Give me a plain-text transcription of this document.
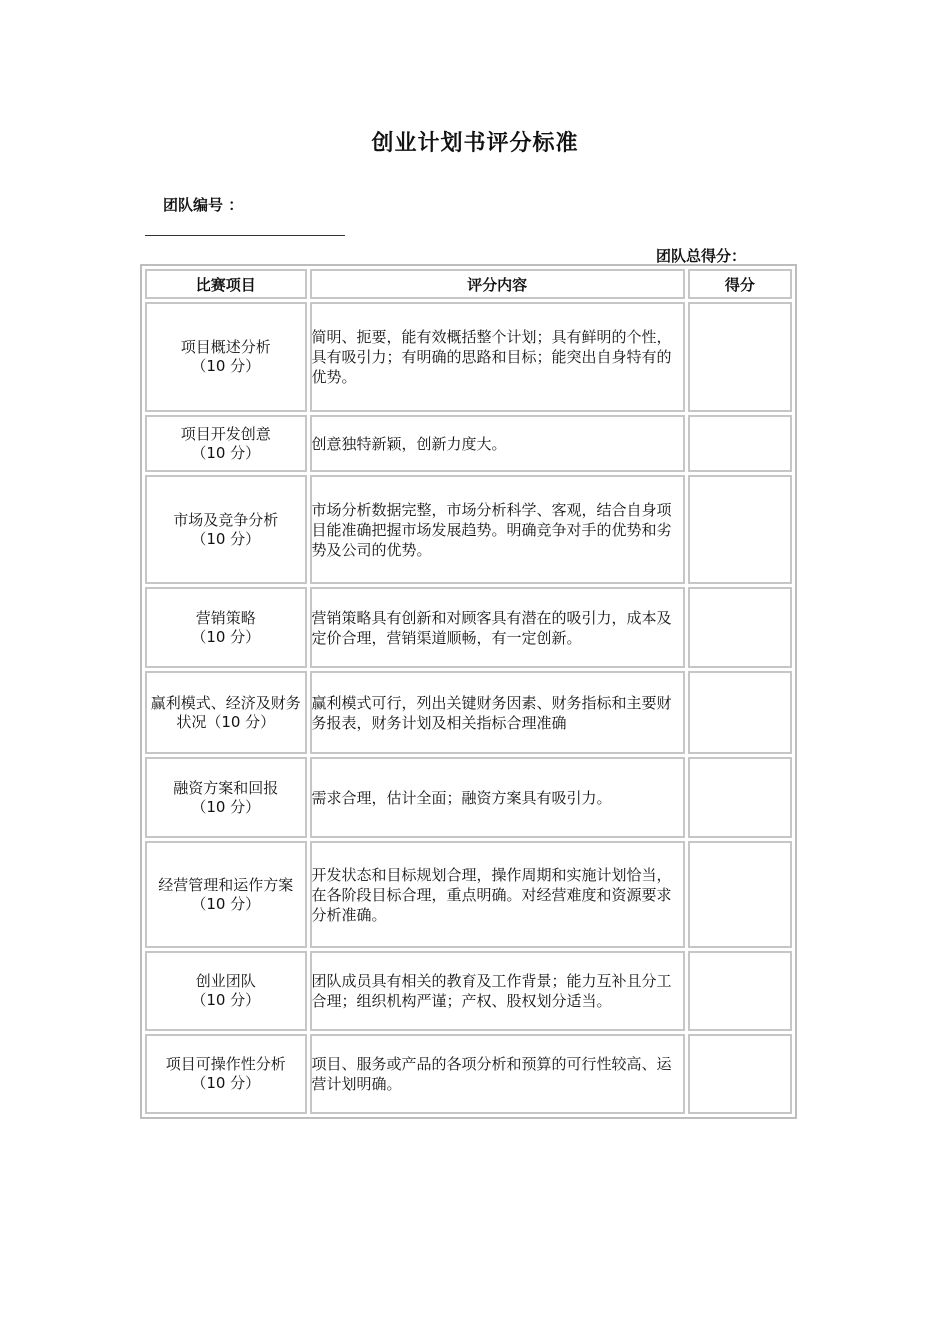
创业计划书评分标准
团队编号 ：
团队总得分：
比赛项目	评分内容	得分

项目概述分析
（10 分）	简明、扼要，能有效概括整个计划；具有鲜明的个性，具有吸引力；有明确的思路和目标；能突出自身特有的优势。	

项目开发创意
（10 分）	创意独特新颖，创新力度大。	

市场及竞争分析
（10 分）	市场分析数据完整，市场分析科学、客观，结合自身项目能准确把握市场发展趋势。明确竞争对手的优势和劣势及公司的优势。	

营销策略
（10 分）	营销策略具有创新和对顾客具有潜在的吸引力，成本及定价合理，营销渠道顺畅，有一定创新。	

赢利模式、经济及财务
状况（10 分）	赢利模式可行，列出关键财务因素、财务指标和主要财务报表，财务计划及相关指标合理准确	

融资方案和回报
（10 分）	需求合理，估计全面；融资方案具有吸引力。	

经营管理和运作方案
（10 分）	开发状态和目标规划合理，操作周期和实施计划恰当，在各阶段目标合理，重点明确。对经营难度和资源要求分析准确。	

创业团队
（10 分）	团队成员具有相关的教育及工作背景；能力互补且分工合理；组织机构严谨；产权、股权划分适当。	

项目可操作性分析
（10 分）	项目、服务或产品的各项分析和预算的可行性较高、运营计划明确。	
